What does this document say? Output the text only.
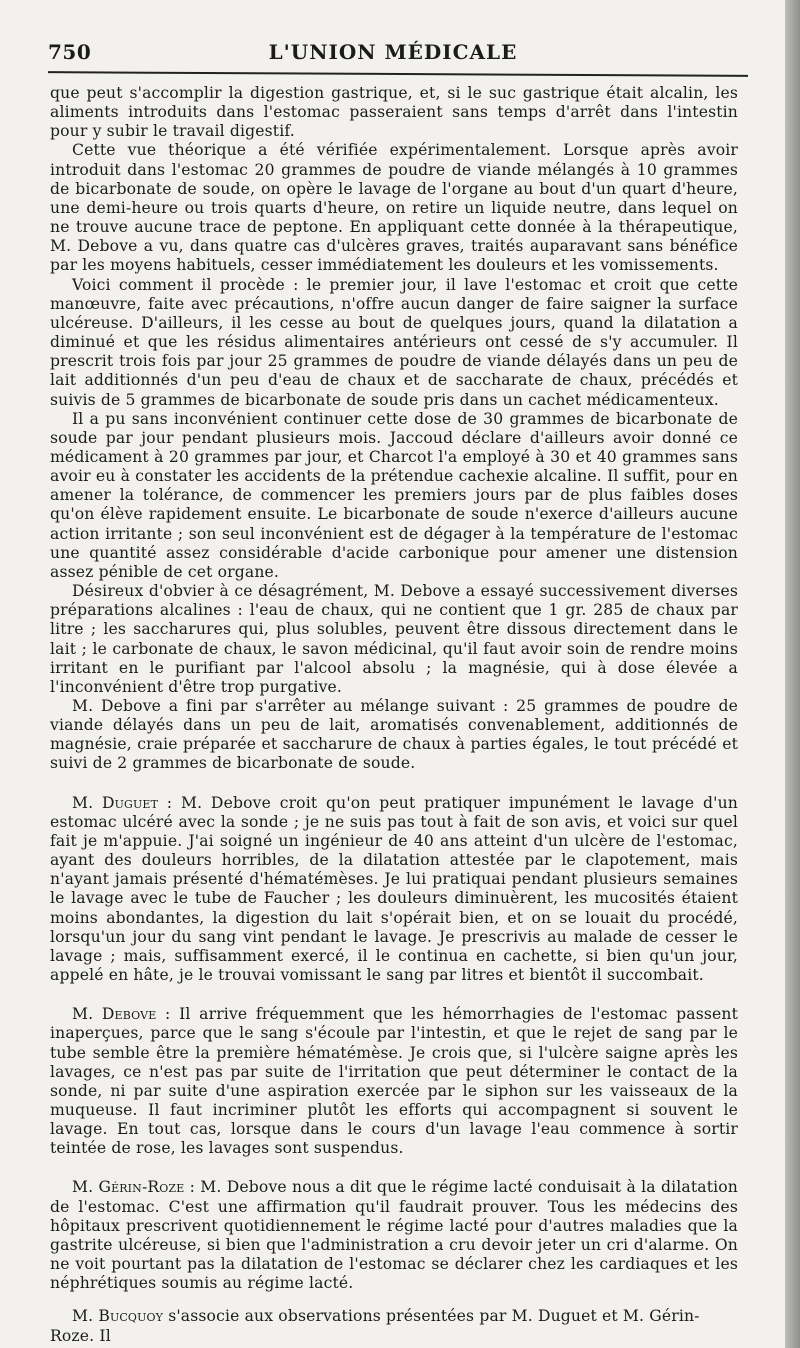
750	L'UNION MÉDICALE

que peut s'accomplir la digestion gastrique, et, si le suc gastrique était alcalin, les aliments introduits dans l'estomac passeraient sans temps d'arrêt dans l'intestin pour y subir le travail digestif.

Cette vue théorique a été vérifiée expérimentalement. Lorsque après avoir introduit dans l'estomac 20 grammes de poudre de viande mélangés à 10 grammes de bicarbonate de soude, on opère le lavage de l'organe au bout d'un quart d'heure, une demi-heure ou trois quarts d'heure, on retire un liquide neutre, dans lequel on ne trouve aucune trace de peptone. En appliquant cette donnée à la thérapeutique, M. Debove a vu, dans quatre cas d'ulcères graves, traités auparavant sans bénéfice par les moyens habituels, cesser immédiatement les douleurs et les vomissements.

Voici comment il procède : le premier jour, il lave l'estomac et croit que cette manœuvre, faite avec précautions, n'offre aucun danger de faire saigner la surface ulcéreuse. D'ailleurs, il les cesse au bout de quelques jours, quand la dilatation a diminué et que les résidus alimentaires antérieurs ont cessé de s'y accumuler. Il prescrit trois fois par jour 25 grammes de poudre de viande délayés dans un peu de lait additionnés d'un peu d'eau de chaux et de saccharate de chaux, précédés et suivis de 5 grammes de bicarbonate de soude pris dans un cachet médicamenteux.

Il a pu sans inconvénient continuer cette dose de 30 grammes de bicarbonate de soude par jour pendant plusieurs mois. Jaccoud déclare d'ailleurs avoir donné ce médicament à 20 grammes par jour, et Charcot l'a employé à 30 et 40 grammes sans avoir eu à constater les accidents de la prétendue cachexie alcaline. Il suffit, pour en amener la tolérance, de commencer les premiers jours par de plus faibles doses qu'on élève rapidement ensuite. Le bicarbonate de soude n'exerce d'ailleurs aucune action irritante ; son seul inconvénient est de dégager à la température de l'estomac une quantité assez considérable d'acide carbonique pour amener une distension assez pénible de cet organe.

Désireux d'obvier à ce désagrément, M. Debove a essayé successivement diverses préparations alcalines : l'eau de chaux, qui ne contient que 1 gr. 285 de chaux par litre ; les saccharures qui, plus solubles, peuvent être dissous directement dans le lait ; le carbonate de chaux, le savon médicinal, qu'il faut avoir soin de rendre moins irritant en le purifiant par l'alcool absolu ; la magnésie, qui à dose élevée a l'inconvénient d'être trop purgative.

M. Debove a fini par s'arrêter au mélange suivant : 25 grammes de poudre de viande délayés dans un peu de lait, aromatisés convenablement, additionnés de magnésie, craie préparée et saccharure de chaux à parties égales, le tout précédé et suivi de 2 grammes de bicarbonate de soude.

M. Duguet : M. Debove croit qu'on peut pratiquer impunément le lavage d'un estomac ulcéré avec la sonde ; je ne suis pas tout à fait de son avis, et voici sur quel fait je m'appuie. J'ai soigné un ingénieur de 40 ans atteint d'un ulcère de l'estomac, ayant des douleurs horribles, de la dilatation attestée par le clapotement, mais n'ayant jamais présenté d'hématémèses. Je lui pratiquai pendant plusieurs semaines le lavage avec le tube de Faucher ; les douleurs diminuèrent, les mucosités étaient moins abondantes, la digestion du lait s'opérait bien, et on se louait du procédé, lorsqu'un jour du sang vint pendant le lavage. Je prescrivis au malade de cesser le lavage ; mais, suffisamment exercé, il le continua en cachette, si bien qu'un jour, appelé en hâte, je le trouvai vomissant le sang par litres et bientôt il succombait.

M. Debove : Il arrive fréquemment que les hémorrhagies de l'estomac passent inaperçues, parce que le sang s'écoule par l'intestin, et que le rejet de sang par le tube semble être la première hématémèse. Je crois que, si l'ulcère saigne après les lavages, ce n'est pas par suite de l'irritation que peut déterminer le contact de la sonde, ni par suite d'une aspiration exercée par le siphon sur les vaisseaux de la muqueuse. Il faut incriminer plutôt les efforts qui accompagnent si souvent le lavage. En tout cas, lorsque dans le cours d'un lavage l'eau commence à sortir teintée de rose, les lavages sont suspendus.

M. Gérin-Roze : M. Debove nous a dit que le régime lacté conduisait à la dilatation de l'estomac. C'est une affirmation qu'il faudrait prouver. Tous les médecins des hôpitaux prescrivent quotidiennement le régime lacté pour d'autres maladies que la gastrite ulcéreuse, si bien que l'administration a cru devoir jeter un cri d'alarme. On ne voit pourtant pas la dilatation de l'estomac se déclarer chez les cardiaques et les néphrétiques soumis au régime lacté.

M. Bucquoy s'associe aux observations présentées par M. Duguet et M. Gérin-Roze. Il
